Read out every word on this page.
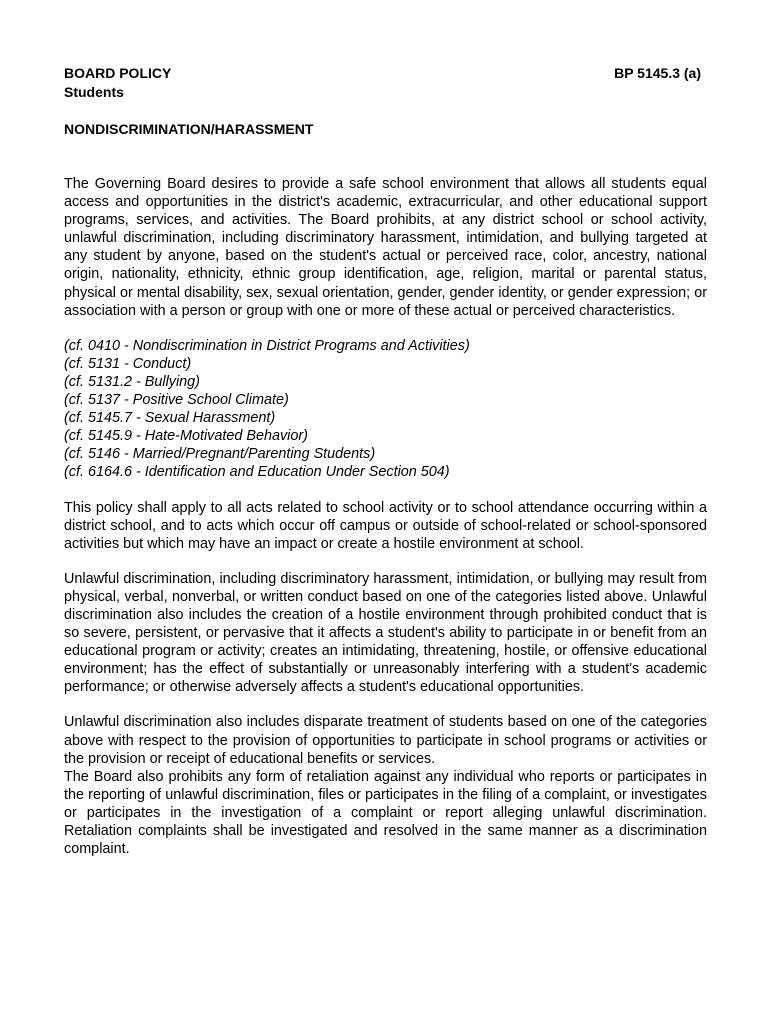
BOARD POLICY
Students
BP 5145.3 (a)
NONDISCRIMINATION/HARASSMENT

The Governing Board desires to provide a safe school environment that allows all students equal access and opportunities in the district's academic, extracurricular, and other educational support programs, services, and activities. The Board prohibits, at any district school or school activity, unlawful discrimination, including discriminatory harassment, intimidation, and bullying targeted at any student by anyone, based on the student's actual or perceived race, color, ancestry, national origin, nationality, ethnicity, ethnic group identification, age, religion, marital or parental status, physical or mental disability, sex, sexual orientation, gender, gender identity, or gender expression; or association with a person or group with one or more of these actual or perceived characteristics.

(cf. 0410 - Nondiscrimination in District Programs and Activities)
(cf. 5131 - Conduct)
(cf. 5131.2 - Bullying)
(cf. 5137 - Positive School Climate)
(cf. 5145.7 - Sexual Harassment)
(cf. 5145.9 - Hate-Motivated Behavior)
(cf. 5146 - Married/Pregnant/Parenting Students)
(cf. 6164.6 - Identification and Education Under Section 504)

This policy shall apply to all acts related to school activity or to school attendance occurring within a district school, and to acts which occur off campus or outside of school-related or school-sponsored activities but which may have an impact or create a hostile environment at school.

Unlawful discrimination, including discriminatory harassment, intimidation, or bullying may result from physical, verbal, nonverbal, or written conduct based on one of the categories listed above. Unlawful discrimination also includes the creation of a hostile environment through prohibited conduct that is so severe, persistent, or pervasive that it affects a student's ability to participate in or benefit from an educational program or activity; creates an intimidating, threatening, hostile, or offensive educational environment; has the effect of substantially or unreasonably interfering with a student's academic performance; or otherwise adversely affects a student's educational opportunities.

Unlawful discrimination also includes disparate treatment of students based on one of the categories above with respect to the provision of opportunities to participate in school programs or activities or the provision or receipt of educational benefits or services.

The Board also prohibits any form of retaliation against any individual who reports or participates in the reporting of unlawful discrimination, files or participates in the filing of a complaint, or investigates or participates in the investigation of a complaint or report alleging unlawful discrimination. Retaliation complaints shall be investigated and resolved in the same manner as a discrimination complaint.
